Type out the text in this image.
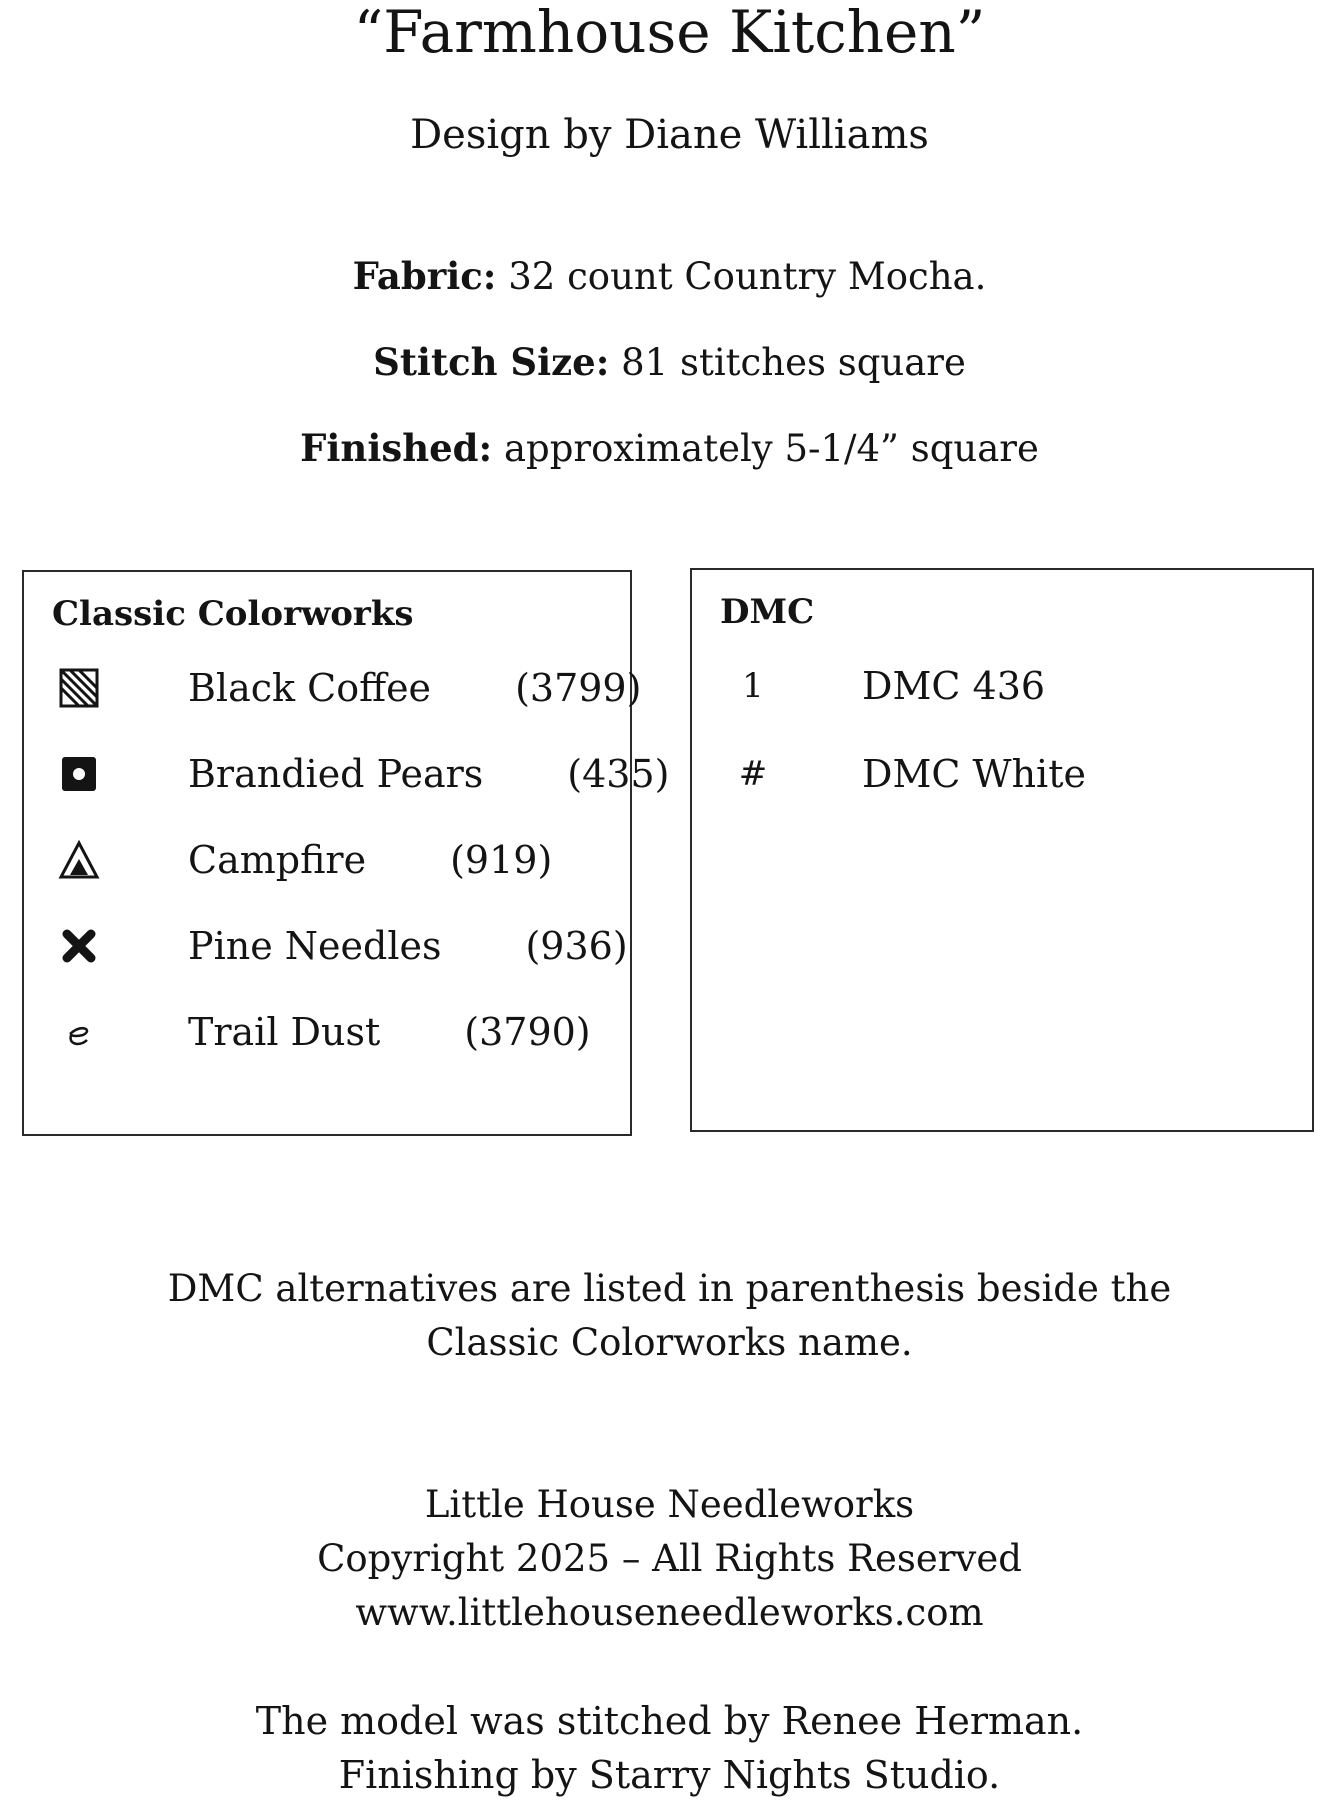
“Farmhouse Kitchen”
Design by Diane Williams
Fabric: 32 count Country Mocha.
Stitch Size: 81 stitches square
Finished: approximately 5-1/4” square
Classic Colorworks
Black Coffee (3799)
Brandied Pears (435)
Campfire (919)
Pine Needles (936)
Trail Dust (3790)
DMC
1	DMC 436
# DMC White
DMC alternatives are listed in parenthesis beside the
Classic Colorworks name.
Little House Needleworks
Copyright 2025 – All Rights Reserved
www.littlehouseneedleworks.com
The model was stitched by Renee Herman.
Finishing by Starry Nights Studio.
